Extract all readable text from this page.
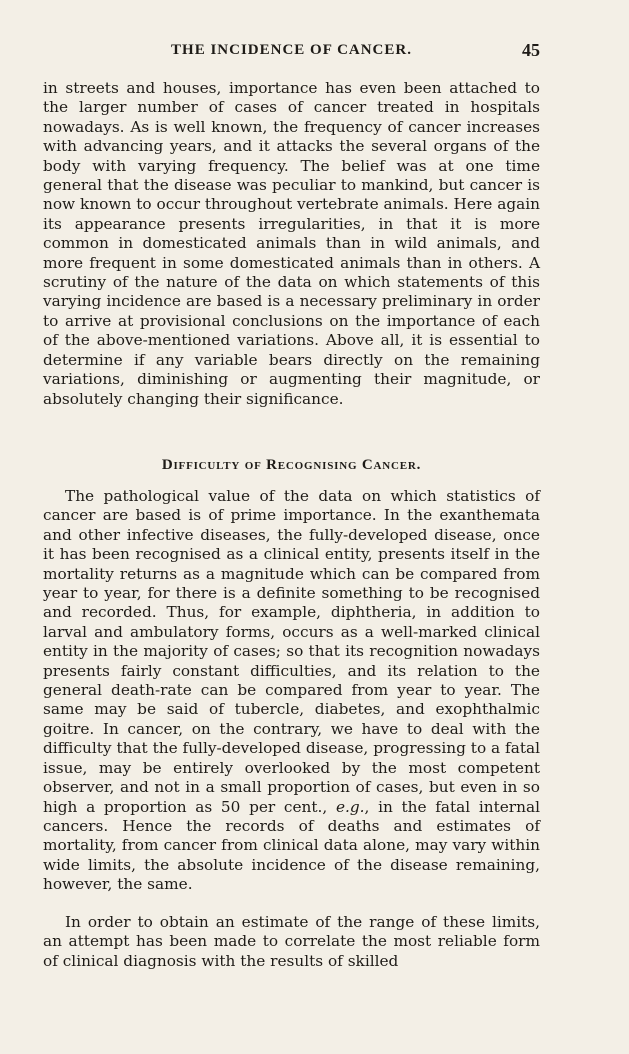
THE INCIDENCE OF CANCER.	45

in streets and houses, importance has even been attached to the larger number of cases of cancer treated in hospitals nowadays. As is well known, the frequency of cancer increases with advancing years, and it attacks the several organs of the body with varying frequency. The belief was at one time general that the disease was peculiar to mankind, but cancer is now known to occur throughout vertebrate animals. Here again its appearance presents irregularities, in that it is more common in domesticated animals than in wild animals, and more frequent in some domesticated animals than in others. A scrutiny of the nature of the data on which statements of this varying incidence are based is a necessary preliminary in order to arrive at provisional conclusions on the importance of each of the above-mentioned variations. Above all, it is essential to determine if any variable bears directly on the remaining variations, diminishing or augmenting their magnitude, or absolutely changing their significance.

Difficulty of Recognising Cancer.

The pathological value of the data on which statistics of cancer are based is of prime importance. In the exanthemata and other infective diseases, the fully-developed disease, once it has been recognised as a clinical entity, presents itself in the mortality returns as a magnitude which can be compared from year to year, for there is a definite something to be recognised and recorded. Thus, for example, diphtheria, in addition to larval and ambulatory forms, occurs as a well-marked clinical entity in the majority of cases; so that its recognition nowadays presents fairly constant difficulties, and its relation to the general death-rate can be compared from year to year. The same may be said of tubercle, diabetes, and exophthalmic goitre. In cancer, on the contrary, we have to deal with the difficulty that the fully-developed disease, progressing to a fatal issue, may be entirely overlooked by the most competent observer, and not in a small proportion of cases, but even in so high a proportion as 50 per cent., e.g., in the fatal internal cancers. Hence the records of deaths and estimates of mortality, from cancer from clinical data alone, may vary within wide limits, the absolute incidence of the disease remaining, however, the same.

In order to obtain an estimate of the range of these limits, an attempt has been made to correlate the most reliable form of clinical diagnosis with the results of skilled
